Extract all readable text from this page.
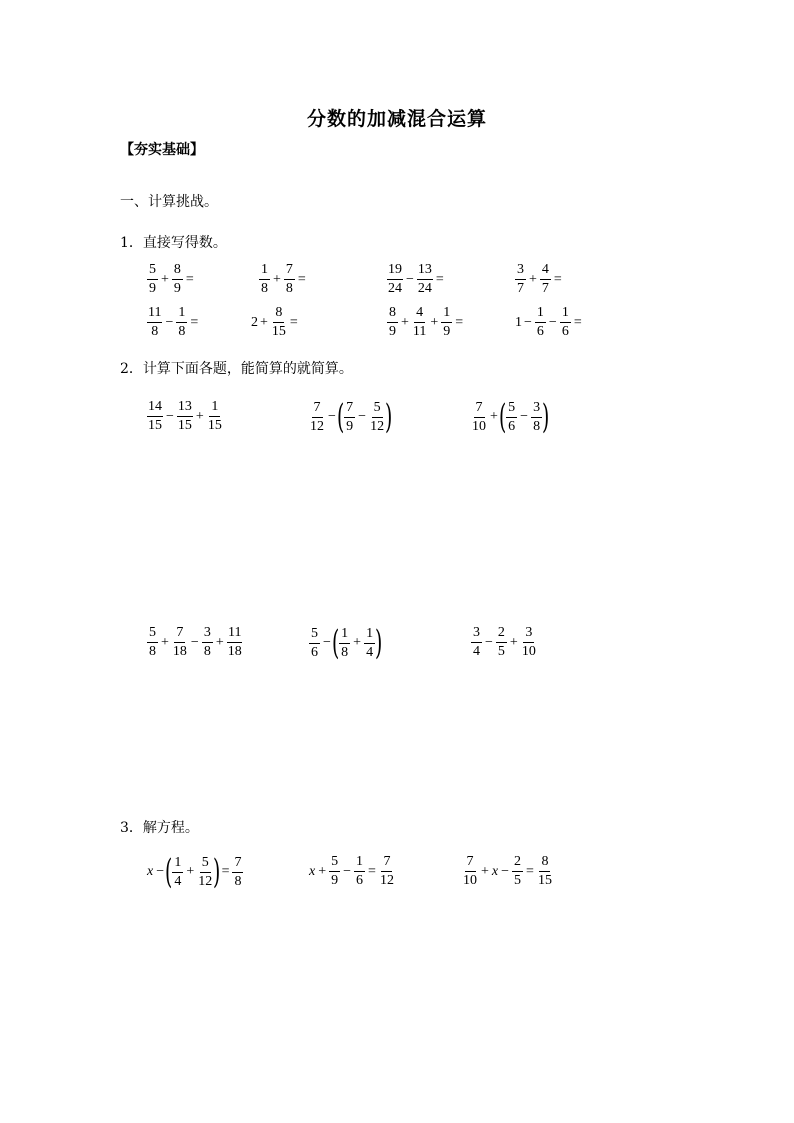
分数的加减混合运算
【夯实基础】
一、计算挑战。
1．直接写得数。
$\frac{5}{9} + \frac{8}{9}$ =	$\frac{1}{8} + \frac{7}{8}$ =	$\frac{19}{24} - \frac{13}{24}$ =	$\frac{3}{7} + \frac{4}{7}$ =
$\frac{11}{8} - \frac{1}{8}$ =	$2 + \frac{8}{15}$ =	$\frac{8}{9} + \frac{4}{11} + \frac{1}{9}$ =	$1 - \frac{1}{6} - \frac{1}{6}$ =
2．计算下面各题，能简算的就简算。
$\frac{14}{15} - \frac{13}{15} + \frac{1}{15}$	$\frac{7}{12}$ − ( $\frac{7}{9} - \frac{5}{12}$ )	$\frac{7}{10}$ + ( $\frac{5}{6} - \frac{3}{8}$ )
$\frac{5}{8} + \frac{7}{18} - \frac{3}{8} + \frac{11}{18}$	$\frac{5}{6}$ − ( $\frac{1}{8} + \frac{1}{4}$ )	$\frac{3}{4} - \frac{2}{5} + \frac{3}{10}$
3．解方程。
x − ( $\frac{1}{4} + \frac{5}{12}$ ) = $\frac{7}{8}$	$x + \frac{5}{9} - \frac{1}{6} = \frac{7}{12}$	$\frac{7}{10} + x - \frac{2}{5} = \frac{8}{15}$
